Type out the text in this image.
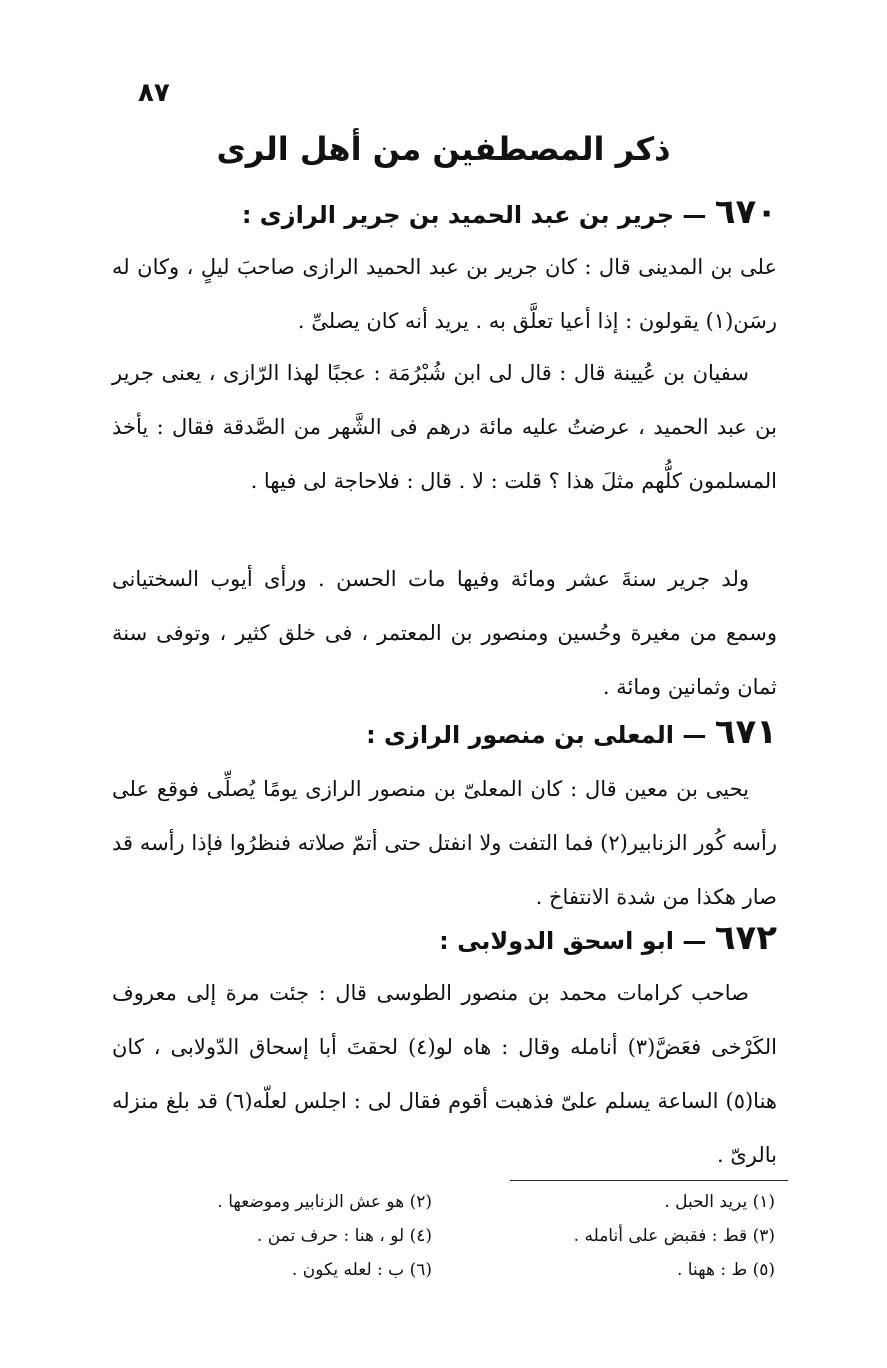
٨٧
ذكر المصطفين من أهل الرى
٦٧٠ — جرير بن عبد الحميد بن جرير الرازى :
على بن المدينى قال : كان جرير بن عبد الحميد الرازى صاحبَ ليلٍ ، وكان له رسَن(١) يقولون : إذا أعيا تعلَّق به . يريد أنه كان يصلىِّ .
سفيان بن عُيينة قال : قال لى ابن شُبْرُمَة : عجبًا لهذا الرّازى ، يعنى جرير بن عبد الحميد ، عرضتُ عليه مائة درهم فى الشَّهر من الصَّدقة فقال : يأخذ المسلمون كلُّهم مثلَ هذا ؟ قلت : لا . قال : فلاحاجة لى فيها .
ولد جرير سنةَ عشر ومائة وفيها مات الحسن . ورأى أيوب السختيانى وسمع من مغيرة وحُسين ومنصور بن المعتمر ، فى خلق كثير ، وتوفى سنة ثمان وثمانين ومائة .
٦٧١ — المعلى بن منصور الرازى :
يحيى بن معين قال : كان المعلىّ بن منصور الرازى يومًا يُصلِّى فوقع على رأسه كُور الزنابير(٢) فما التفت ولا انفتل حتى أتمّ صلاته فنظرُوا فإذا رأسه قد صار هكذا من شدة الانتفاخ .
٦٧٢ — ابو اسحق الدولابى :
صاحب كرامات محمد بن منصور الطوسى قال : جئت مرة إلى معروف الكَرْخى فعَضَّ(٣) أنامله وقال : هاه لو(٤) لحقتَ أبا إسحاق الدّولابى ، كان هنا(٥) الساعة يسلم علىّ فذهبت أقوم فقال لى : اجلس لعلّه(٦) قد بلغ منزله بالرىّ .
(١) يريد الحبل .
(٢) هو عش الزنابير وموضعها .
(٣) قط : فقبض على أنامله .
(٤) لو ، هنا : حرف تمن .
(٥) ط : ههنا .
(٦) ب : لعله يكون .
